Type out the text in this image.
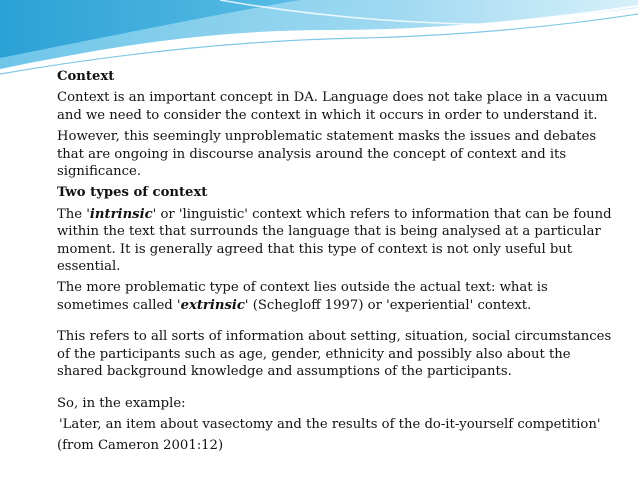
Context

Context is an important concept in DA. Language does not take place in a vacuum and we need to consider the context in which it occurs in order to understand it.

However, this seemingly unproblematic statement masks the issues and debates that are ongoing in discourse analysis around the concept of context and its significance.

Two types of context

The 'intrinsic' or 'linguistic' context which refers to information that can be found within the text that surrounds the language that is being analysed at a particular moment. It is generally agreed that this type of context is not only useful but essential.

The more problematic type of context lies outside the actual text: what is sometimes called 'extrinsic' (Schegloff 1997) or 'experiential' context.

This refers to all sorts of information about setting, situation, social circumstances of the participants such as age, gender, ethnicity and possibly also about the shared background knowledge and assumptions of the participants.

So, in the example:

'Later, an item about vasectomy and the results of the do-it-yourself competition'

(from Cameron 2001:12)
